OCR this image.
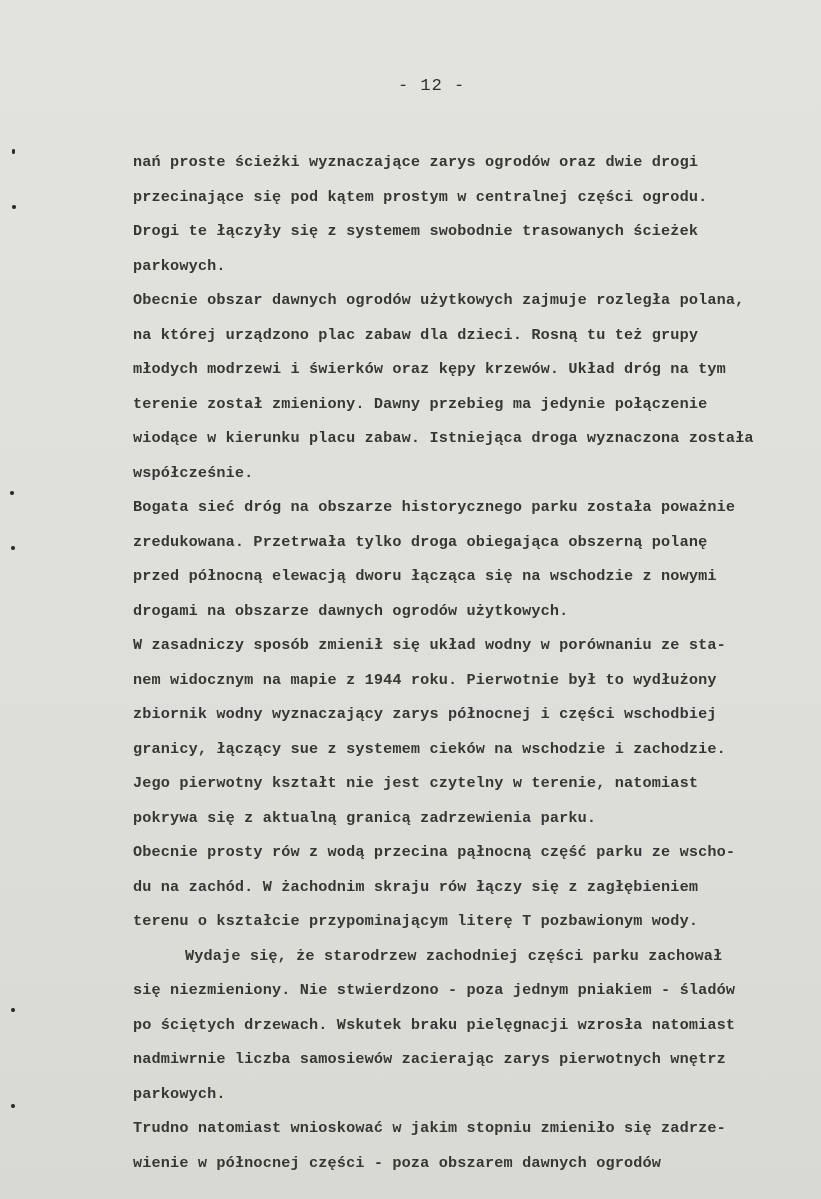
- 12 -
nań proste ścieżki wyznaczające zarys ogrodów oraz dwie drogi
przecinające się pod kątem prostym w centralnej części ogrodu.
Drogi te łączyły się z systemem swobodnie trasowanych ścieżek
parkowych.
Obecnie obszar dawnych ogrodów użytkowych zajmuje rozległa polana,
na której urządzono plac zabaw dla dzieci. Rosną tu też grupy
młodych modrzewi i świerków oraz kępy krzewów. Układ dróg na tym
terenie został zmieniony. Dawny przebieg ma jedynie połączenie
wiodące w kierunku placu zabaw. Istniejąca droga wyznaczona została
współcześnie.
Bogata sieć dróg na obszarze historycznego parku została poważnie
zredukowana. Przetrwała tylko droga obiegająca obszerną polanę
przed północną elewacją dworu łącząca się na wschodzie z nowymi
drogami na obszarze dawnych ogrodów użytkowych.
W zasadniczy sposób zmienił się układ wodny w porównaniu ze sta-
nem widocznym na mapie z 1944 roku. Pierwotnie był to wydłużony
zbiornik wodny wyznaczający zarys północnej i części wschodbiej
granicy, łączący sue z systemem cieków na wschodzie i zachodzie.
Jego pierwotny kształt nie jest czytelny w terenie, natomiast
pokrywa się z aktualną granicą zadrzewienia parku.
Obecnie prosty rów z wodą przecina pąłnocną część parku ze wscho-
du na zachód. W żachodnim skraju rów łączy się z zagłębieniem
terenu o kształcie przypominającym literę T pozbawionym wody.
Wydaje się, że starodrzew zachodniej części parku zachował
się niezmieniony. Nie stwierdzono - poza jednym pniakiem - śladów
po ściętych drzewach. Wskutek braku pielęgnacji wzrosła natomiast
nadmiwrnie liczba samosiewów zacierając zarys pierwotnych wnętrz
parkowych.
Trudno natomiast wnioskować w jakim stopniu zmieniło się zadrze-
wienie w północnej części - poza obszarem dawnych ogrodów
